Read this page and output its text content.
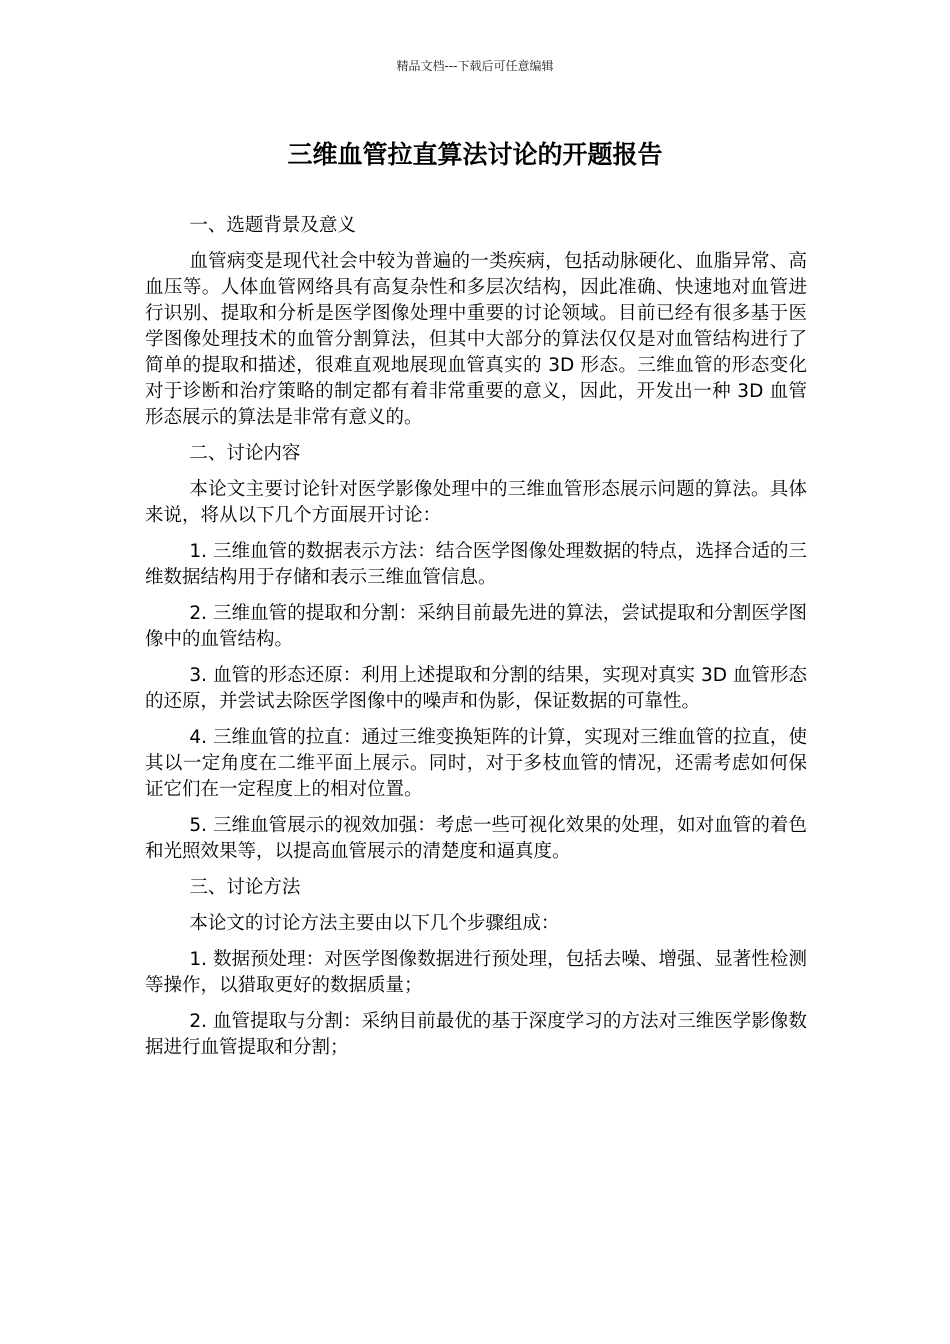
精品文档---下载后可任意编辑
三维血管拉直算法讨论的开题报告

一、选题背景及意义

血管病变是现代社会中较为普遍的一类疾病，包括动脉硬化、血脂异常、高血压等。人体血管网络具有高复杂性和多层次结构，因此准确、快速地对血管进行识别、提取和分析是医学图像处理中重要的讨论领域。目前已经有很多基于医学图像处理技术的血管分割算法，但其中大部分的算法仅仅是对血管结构进行了简单的提取和描述，很难直观地展现血管真实的 3D 形态。三维血管的形态变化对于诊断和治疗策略的制定都有着非常重要的意义，因此，开发出一种 3D 血管形态展示的算法是非常有意义的。

二、讨论内容

本论文主要讨论针对医学影像处理中的三维血管形态展示问题的算法。具体来说，将从以下几个方面展开讨论：

1. 三维血管的数据表示方法：结合医学图像处理数据的特点，选择合适的三维数据结构用于存储和表示三维血管信息。

2. 三维血管的提取和分割：采纳目前最先进的算法，尝试提取和分割医学图像中的血管结构。

3. 血管的形态还原：利用上述提取和分割的结果，实现对真实 3D 血管形态的还原，并尝试去除医学图像中的噪声和伪影，保证数据的可靠性。

4. 三维血管的拉直：通过三维变换矩阵的计算，实现对三维血管的拉直，使其以一定角度在二维平面上展示。同时，对于多枝血管的情况，还需考虑如何保证它们在一定程度上的相对位置。

5. 三维血管展示的视效加强：考虑一些可视化效果的处理，如对血管的着色和光照效果等，以提高血管展示的清楚度和逼真度。

三、讨论方法

本论文的讨论方法主要由以下几个步骤组成：

1. 数据预处理：对医学图像数据进行预处理，包括去噪、增强、显著性检测等操作，以猎取更好的数据质量；

2. 血管提取与分割：采纳目前最优的基于深度学习的方法对三维医学影像数据进行血管提取和分割；
